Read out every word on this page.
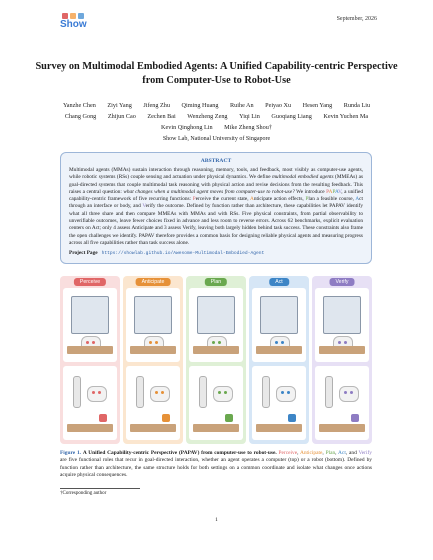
Show	September, 2026
Survey on Multimodal Embodied Agents: A Unified Capability-centric Perspective from Computer-Use to Robot-Use
Yanzhe Chen Ziyi Yang Jifeng Zhu Qiming Huang Ruihe An Peiyao Xu Hesen Yang Runda Liu Chang Gong Zhijun Cao Zechen Bai Wenzheng Zeng Yiqi Lin Guoqiang Liang Kevin Yuchen Ma Kevin Qinghong Lin Mike Zheng Shou†
Show Lab, National University of Singapore
ABSTRACT
Multimodal agents (MMAs) sustain interaction through reasoning, memory, tools, and feedback, most visibly as computer-use agents, while robotic systems (RSs) couple sensing and actuation under physical dynamics. We define multimodal embodied agents (MMEAs) as goal-directed systems that couple multimodal task reasoning with physical action and revise decisions from the resulting feedback. This raises a central question: what changes when a multimodal agent moves from computer-use to robot-use? We introduce PAPAV, a unified capability-centric framework of five recurring functions: Perceive the current state, Anticipate action effects, Plan a feasible course, Act through an interface or body, and Verify the outcome. Defined by function rather than architecture, these capabilities let PAPAV identify what all three share and then compare MMEAs with MMAs and with RSs. Five physical constraints, from partial observability to unverifiable outcomes, leave fewer choices fixed in advance and less room to reverse errors. Across 62 benchmarks, explicit evaluation centers on Act; only 4 assess Anticipate and 3 assess Verify, leaving both largely hidden behind task success. These constraints also frame the open challenges we identify. PAPAV therefore provides a common basis for designing reliable physical agents and measuring progress across all five capabilities rather than task success alone.
Project Page https://showlab.github.io/Awesome-Multimodal-Embodied-Agent
Perceive	Anticipate	Plan	Act	Verify
Figure 1. A Unified Capability-centric Perspective (PAPAV) from computer-use to robot-use. Perceive, Anticipate, Plan, Act, and Verify are five functional roles that recur in goal-directed interaction, whether an agent operates a computer (top) or a robot (bottom). Defined by function rather than architecture, the same structure holds for both settings on a common coordinate and isolate what changes once actions acquire physical consequences.
†Corresponding author
1
